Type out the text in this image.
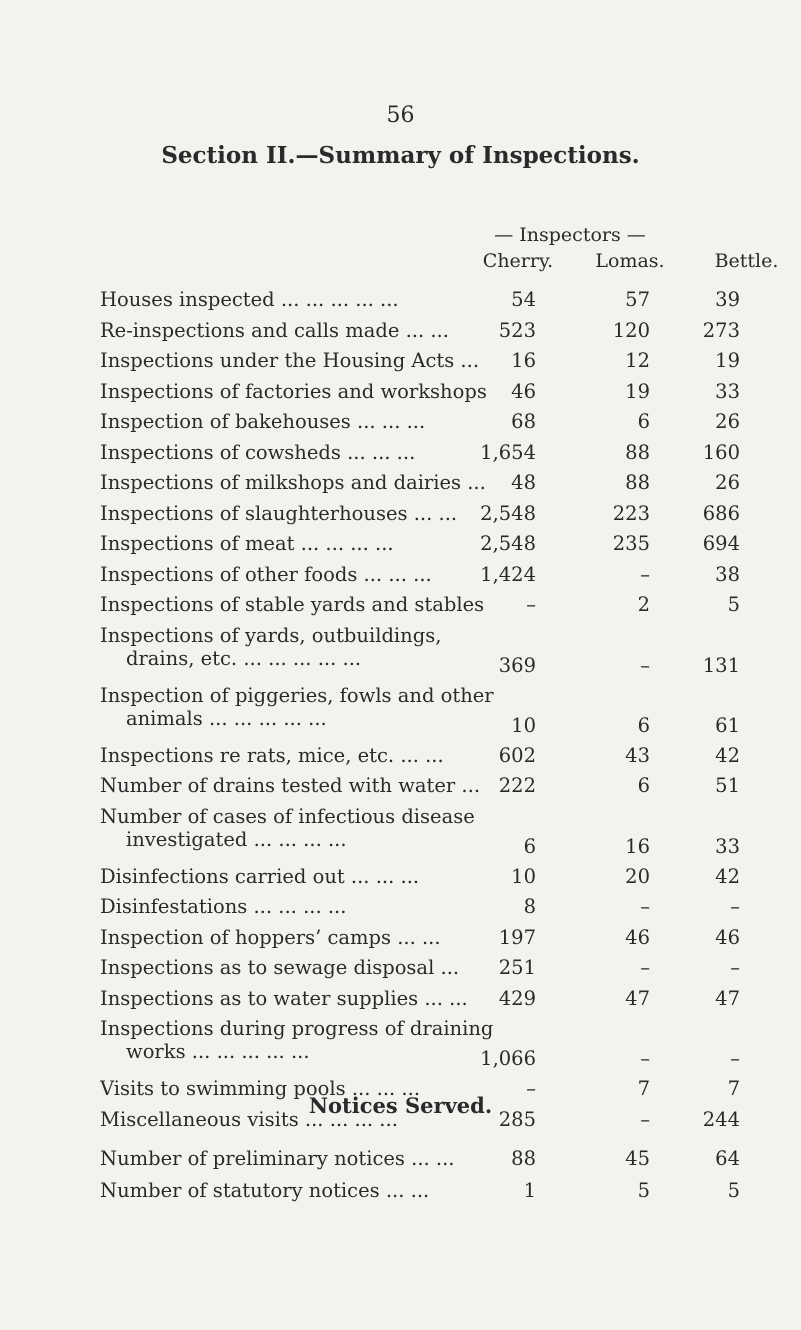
56
Section II.—Summary of Inspections.
— Inspectors —
Cherry.	Lomas.	Bettle.
Houses inspected ... ... ... ... ...	54	57	39
Re-inspections and calls made ... ...	523	120	273
Inspections under the Housing Acts ...	16	12	19
Inspections of factories and workshops	46	19	33
Inspection of bakehouses ... ... ...	68	6	26
Inspections of cowsheds ... ... ...	1,654	88	160
Inspections of milkshops and dairies ...	48	88	26
Inspections of slaughterhouses ... ...	2,548	223	686
Inspections of meat ... ... ... ...	2,548	235	694
Inspections of other foods ... ... ...	1,424	–	38
Inspections of stable yards and stables	–	2	5
Inspections of yards, outbuildings,
drains, etc. ... ... ... ... ...	369	–	131
Inspection of piggeries, fowls and other
animals ... ... ... ... ...	10	6	61
Inspections re rats, mice, etc. ... ...	602	43	42
Number of drains tested with water ... 222	6	51
Number of cases of infectious disease
investigated ... ... ... ...	6	16	33
Disinfections carried out ... ... ...	10	20	42
Disinfestations ... ... ... ...	8	–	–
Inspection of hoppers’ camps ... ...	197	46	46
Inspections as to sewage disposal ...	251	–	–
Inspections as to water supplies ... ...	429	47	47
Inspections during progress of draining
works ... ... ... ... ...	1,066	–	–
Visits to swimming pools ... ... ...	–	7	7
Miscellaneous visits ... ... ... ...	285	–	244
Notices Served.
Number of preliminary notices ... ...	88	45	64
Number of statutory notices ... ...	1	5	5
